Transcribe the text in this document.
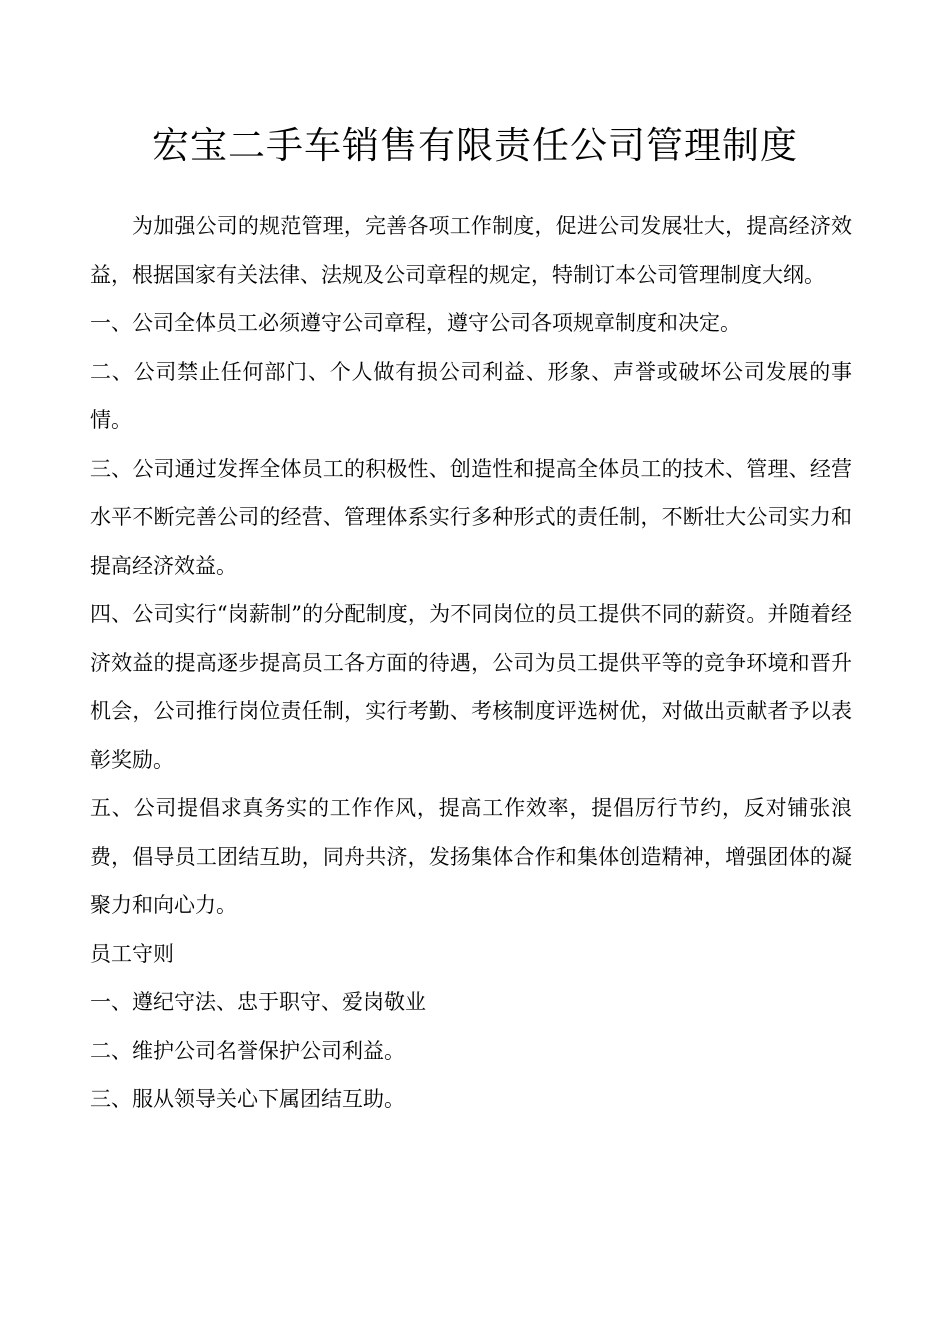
宏宝二手车销售有限责任公司管理制度

为加强公司的规范管理，完善各项工作制度，促进公司发展壮大，提高经济效益，根据国家有关法律、法规及公司章程的规定，特制订本公司管理制度大纲。

一、公司全体员工必须遵守公司章程，遵守公司各项规章制度和决定。

二、公司禁止任何部门、个人做有损公司利益、形象、声誉或破坏公司发展的事情。

三、公司通过发挥全体员工的积极性、创造性和提高全体员工的技术、管理、经营水平不断完善公司的经营、管理体系实行多种形式的责任制，不断壮大公司实力和提高经济效益。

四、公司实行“岗薪制”的分配制度，为不同岗位的员工提供不同的薪资。并随着经济效益的提高逐步提高员工各方面的待遇，公司为员工提供平等的竞争环境和晋升机会，公司推行岗位责任制，实行考勤、考核制度评选树优，对做出贡献者予以表彰奖励。

五、公司提倡求真务实的工作作风，提高工作效率，提倡厉行节约，反对铺张浪费，倡导员工团结互助，同舟共济，发扬集体合作和集体创造精神，增强团体的凝聚力和向心力。

员工守则

一、遵纪守法、忠于职守、爱岗敬业

二、维护公司名誉保护公司利益。

三、服从领导关心下属团结互助。
